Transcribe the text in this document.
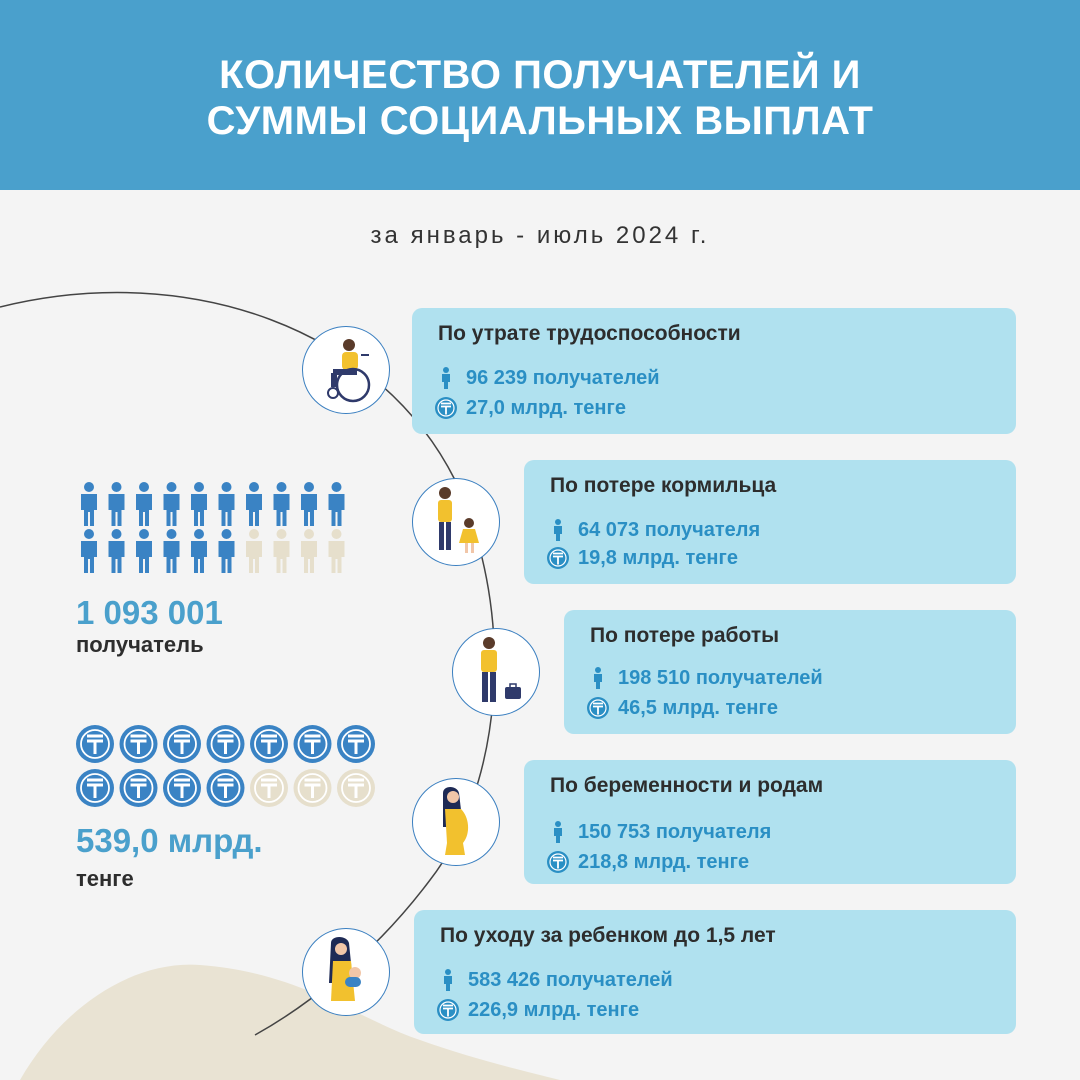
КОЛИЧЕСТВО ПОЛУЧАТЕЛЕЙ И
СУММЫ СОЦИАЛЬНЫХ ВЫПЛАТ
за январь - июль 2024 г.
1 093 001
получатель
539,0 млрд.
тенге
По утрате трудоспособности
96 239 получателей
27,0 млрд. тенге
По потере кормильца
64 073 получателя
19,8 млрд. тенге
По потере работы
198 510 получателей
46,5 млрд. тенге
По беременности и родам
150 753 получателя
218,8 млрд. тенге
По уходу за ребенком до 1,5 лет
583 426 получателей
226,9 млрд. тенге
